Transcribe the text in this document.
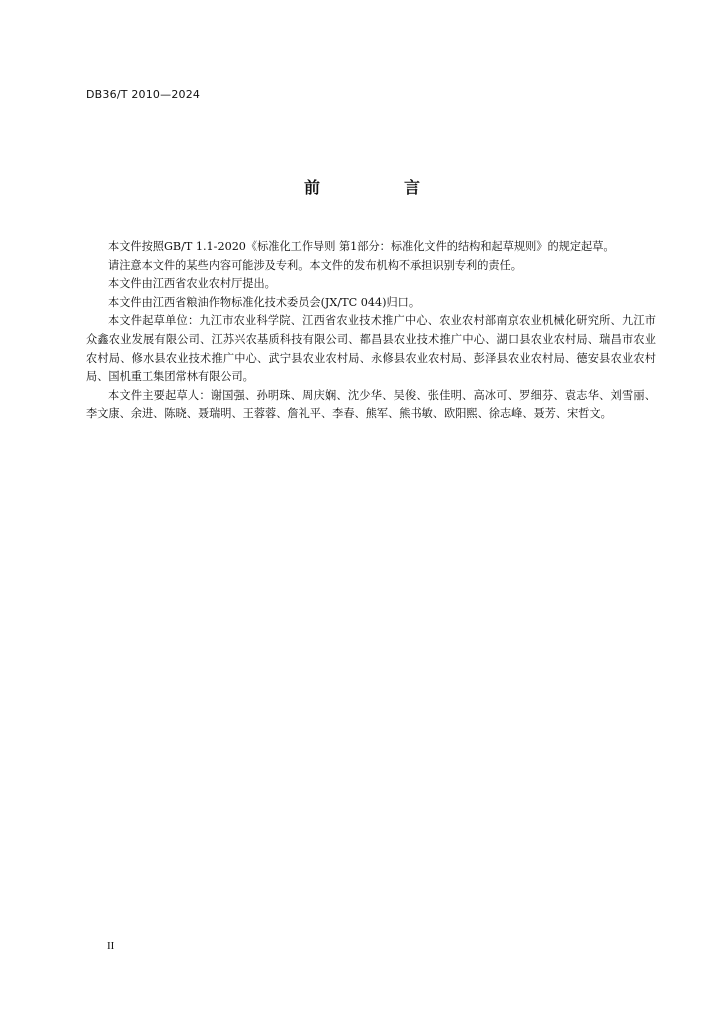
DB36/T 2010—2024
前　言

本文件按照GB/T 1.1-2020《标准化工作导则 第1部分：标准化文件的结构和起草规则》的规定起草。

请注意本文件的某些内容可能涉及专利。本文件的发布机构不承担识别专利的责任。

本文件由江西省农业农村厅提出。

本文件由江西省粮油作物标准化技术委员会(JX/TC 044)归口。

本文件起草单位：九江市农业科学院、江西省农业技术推广中心、农业农村部南京农业机械化研究所、九江市众鑫农业发展有限公司、江苏兴农基质科技有限公司、都昌县农业技术推广中心、湖口县农业农村局、瑞昌市农业农村局、修水县农业技术推广中心、武宁县农业农村局、永修县农业农村局、彭泽县农业农村局、德安县农业农村局、国机重工集团常林有限公司。

本文件主要起草人：谢国强、孙明珠、周庆娴、沈少华、吴俊、张佳明、高冰可、罗细芬、袁志华、刘雪丽、李文康、余进、陈晓、聂瑞明、王蓉蓉、詹礼平、李春、熊军、熊书敏、欧阳熙、徐志峰、聂芳、宋哲文。

II
